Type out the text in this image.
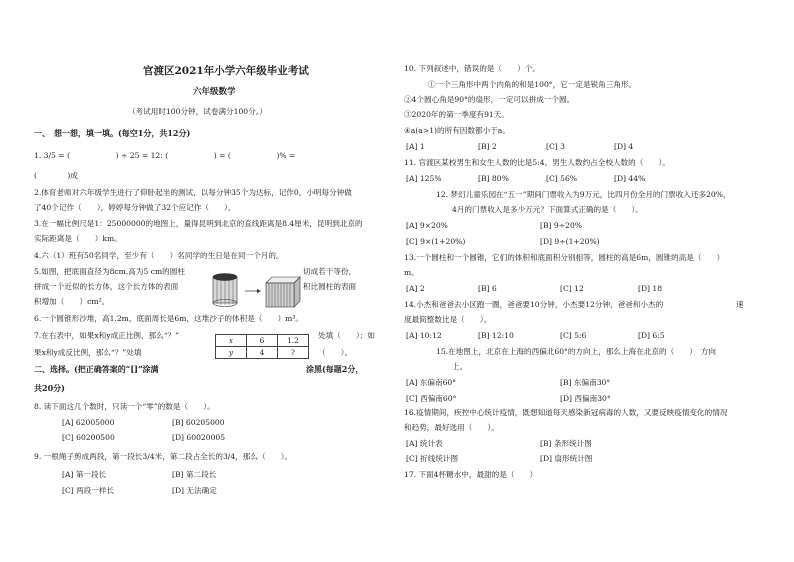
官渡区2021年小学六年级毕业考试
六年级数学
（考试用时100分钟，试卷满分100分。）
一、　想一想，填一填。(每空1分，共12分)
1. 3/5 = (　　　　　　) ÷ 25 = 12: (　　　　　　) = (　　　　　　)% =
(　　　　)成
2.体育老师对六年级学生进行了仰卧起坐的测试，以每分钟35个为达标，记作0。小明每分钟做
了40个记作（　　），婷婷每分钟做了32个应记作（　　）。
3.在一幅比例尺是1：25000000的地图上，量得昆明到北京的直线距离是8.4厘米，昆明到北京的
实际距离是（　　）km。
4.六（1）班有50名同学，至少有（　　）名同学的生日是在同一个月的。
5.如图，把底面直径为8cm,高为5 cm的圆柱	切成若干等份，
拼成一个近似的长方体，这个长方体的表面	积比圆柱的表面
积增加（　　）cm²。
6.一个圆锥形沙堆，高1.2m，底面周长是6m，这堆沙子的体积是（　　）m³。
7.在右表中，如果x和y成正比例，那么“？”	处填（　　）；如
果x和y成反比例，那么“？”处填	（　　）。
x	6	1.2
y	4	?
二、选择。(把正确答案的“[]”涂满	涂黑(每题2分，
共20分)
8. 读下面这几个数时，只读一个“零”的数是（　　）。
[A] 62005000	[B] 60205000
[C] 60200500	[D] 60020005
9. 一根绳子剪成两段，第一段长3/4米，第二段占全长的3/4，那么（　　）。
[A] 第一段长	[B] 第二段长
[C] 两段一样长	[D] 无法确定
10. 下列叙述中，错误的是（　　）个。
①一个三角形中两个内角的和是100°，它一定是锐角三角形。
②4个圆心角是90°的扇形，一定可以拼成一个圆。
③2020年的第一季度有91天。
④a(a>1)的所有因数都小于a。
[A] 1	[B] 2	[C] 3	[D] 4
11. 官渡区某校男生和女生人数的比是5:4，男生人数约占全校人数的（　　）。
[A] 125%	[B] 80%	[C] 56%	[D] 44%
12. 梦幻儿童乐园在“五一”期间门票收入为9万元，比四月份全月的门票收入还多20%，
4月的门票收入是多少万元？下面算式正确的是（　　）。
[A] 9×20%	[B] 9÷20%
[C] 9×(1+20%)	[D] 9÷(1+20%)
13.一个圆柱和一个圆锥，它们的体积和底面积分别相等，圆柱的高是6m，圆锥的高是（　　）
m。
[A] 2	[B] 6	[C] 12	[D] 18
14.小杰和爸爸去小区跑一圈，爸爸要10分钟，小杰要12分钟，爸爸和小杰的	速
度最简整数比是（　　）。
[A] 10:12	[B] 12:10	[C] 5:6	[D] 6:5
15.在地图上，北京在上海的西偏北60°的方向上，那么上海在北京的（　　）　方向
上。
[A] 东偏南60°	[B] 东偏南30°
[C] 西偏南60°	[D] 西偏南30°
16.疫情期间，疾控中心统计疫情，既想知道每天感染新冠病毒的人数，又要反映疫情变化的情况
和趋势，最好选用（　　）。
[A] 统计表	[B] 条形统计图
[C] 折线统计图	[D] 扇形统计图
17. 下面4杯糖水中，最甜的是（　　）
